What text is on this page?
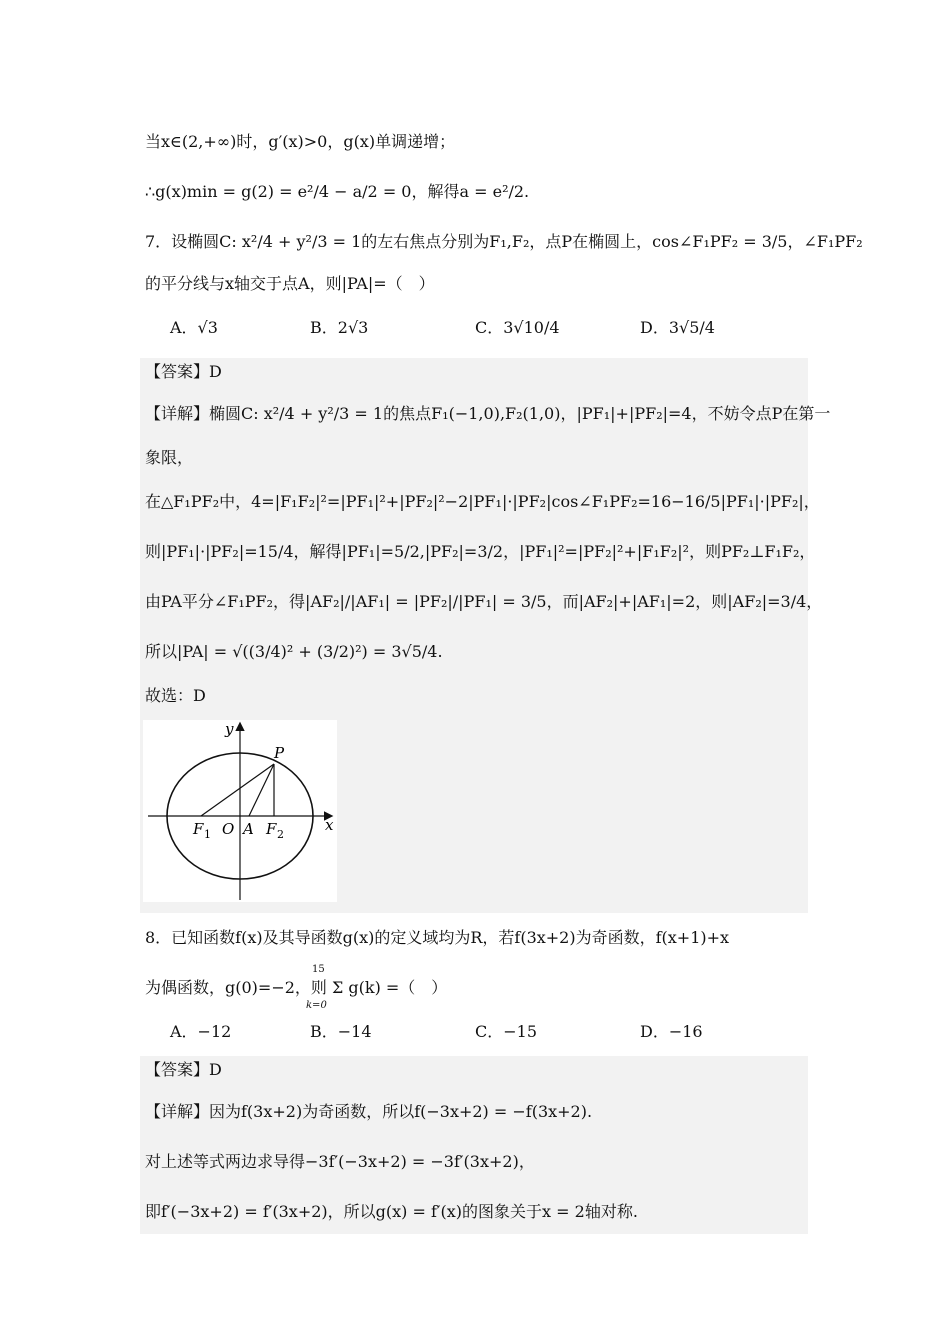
当x∈(2,+∞)时，g′(x)>0，g(x)单调递增；
∴g(x)min = g(2) = e²/4 − a/2 = 0，解得a = e²/2.
7．设椭圆C: x²/4 + y²/3 = 1的左右焦点分别为F₁,F₂，点P在椭圆上，cos∠F₁PF₂ = 3/5，∠F₁PF₂
的平分线与x轴交于点A，则|PA|=（　）
A．√3	B．2√3	C．3√10/4	D．3√5/4
【答案】D
【详解】椭圆C: x²/4 + y²/3 = 1的焦点F₁(−1,0),F₂(1,0)，|PF₁|+|PF₂|=4，不妨令点P在第一
象限，
在△F₁PF₂中，4=|F₁F₂|²=|PF₁|²+|PF₂|²−2|PF₁|·|PF₂|cos∠F₁PF₂=16−16/5|PF₁|·|PF₂|，
则|PF₁|·|PF₂|=15/4，解得|PF₁|=5/2,|PF₂|=3/2，|PF₁|²=|PF₂|²+|F₁F₂|²，则PF₂⊥F₁F₂，
由PA平分∠F₁PF₂，得|AF₂|/|AF₁| = |PF₂|/|PF₁| = 3/5，而|AF₂|+|AF₁|=2，则|AF₂|=3/4，
所以|PA| = √((3/4)² + (3/2)²) = 3√5/4.
故选：D
y
x
P
F 1 O A F 2
8．已知函数f(x)及其导函数g(x)的定义域均为R，若f(3x+2)为奇函数，f(x+1)+x
为偶函数，g(0)=−2，则 Σ g(k) =（　）
15
k=0
A．−12	B．−14	C．−15	D．−16
【答案】D
【详解】因为f(3x+2)为奇函数，所以f(−3x+2) = −f(3x+2).
对上述等式两边求导得−3f′(−3x+2) = −3f′(3x+2)，
即f′(−3x+2) = f′(3x+2)，所以g(x) = f′(x)的图象关于x = 2轴对称.
